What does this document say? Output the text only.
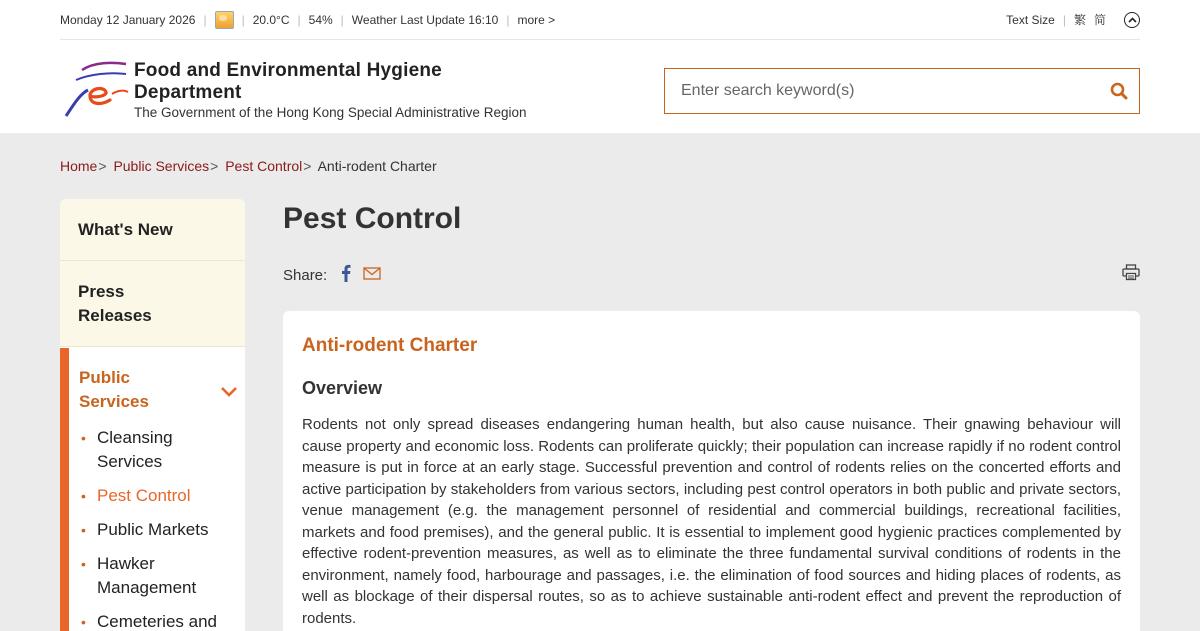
Monday 12 January 2026 |	| 20.0°C | 54% | Weather Last Update 16:10 | more >	Text Size | 繁 简
Food and Environmental Hygiene Department
The Government of the Hong Kong Special Administrative Region
Enter search keyword(s)
Home> Public Services> Pest Control> Anti-rodent Charter
What's New
Press Releases
Public Services
• Cleansing Services
• Pest Control
• Public Markets
• Hawker Management
• Cemeteries and
Pest Control
Share:
Anti-rodent Charter
Overview

Rodents not only spread diseases endangering human health, but also cause nuisance. Their gnawing behaviour will cause property and economic loss. Rodents can proliferate quickly; their population can increase rapidly if no rodent control measure is put in force at an early stage. Successful prevention and control of rodents relies on the concerted efforts and active participation by stakeholders from various sectors, including pest control operators in both public and private sectors, venue management (e.g. the management personnel of residential and commercial buildings, recreational facilities, markets and food premises), and the general public. It is essential to implement good hygienic practices complemented by effective rodent-prevention measures, as well as to eliminate the three fundamental survival conditions of rodents in the environment, namely food, harbourage and passages, i.e. the elimination of food sources and hiding places of rodents, as well as blockage of their dispersal routes, so as to achieve sustainable anti-rodent effect and prevent the reproduction of rodents.
